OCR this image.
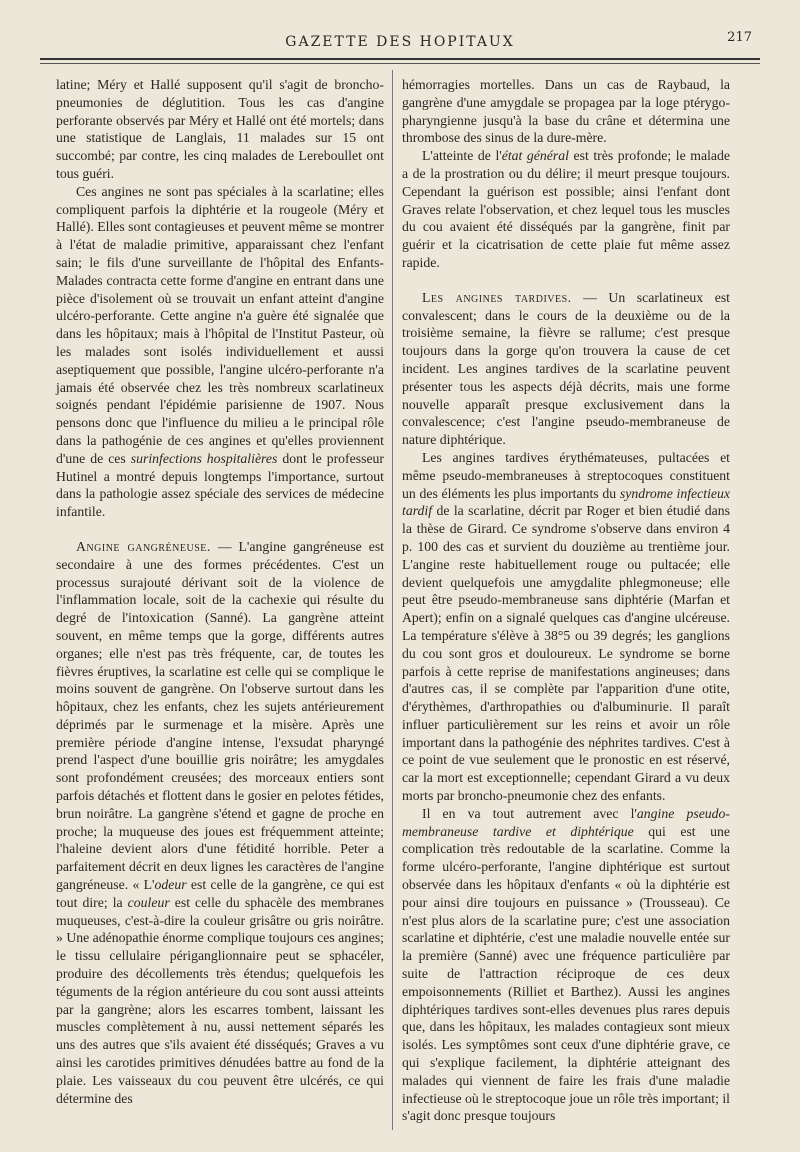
GAZETTE DES HOPITAUX	217

latine; Méry et Hallé supposent qu'il s'agit de broncho-pneumonies de déglutition. Tous les cas d'angine perforante observés par Méry et Hallé ont été mortels; dans une statistique de Langlais, 11 malades sur 15 ont succombé; par contre, les cinq malades de Lereboullet ont tous guéri.

Ces angines ne sont pas spéciales à la scarlatine; elles compliquent parfois la diphtérie et la rougeole (Méry et Hallé). Elles sont contagieuses et peuvent même se montrer à l'état de maladie primitive, apparaissant chez l'enfant sain; le fils d'une surveillante de l'hôpital des Enfants-Malades contracta cette forme d'angine en entrant dans une pièce d'isolement où se trouvait un enfant atteint d'angine ulcéro-perforante. Cette angine n'a guère été signalée que dans les hôpitaux; mais à l'hôpital de l'Institut Pasteur, où les malades sont isolés individuellement et aussi aseptiquement que possible, l'angine ulcéro-perforante n'a jamais été observée chez les très nombreux scarlatineux soignés pendant l'épidémie parisienne de 1907. Nous pensons donc que l'influence du milieu a le principal rôle dans la pathogénie de ces angines et qu'elles proviennent d'une de ces surinfections hospitalières dont le professeur Hutinel a montré depuis longtemps l'importance, surtout dans la pathologie assez spéciale des services de médecine infantile.

Angine gangréneuse. — L'angine gangréneuse est secondaire à une des formes précédentes. C'est un processus surajouté dérivant soit de la violence de l'inflammation locale, soit de la cachexie qui résulte du degré de l'intoxication (Sanné). La gangrène atteint souvent, en même temps que la gorge, différents autres organes; elle n'est pas très fréquente, car, de toutes les fièvres éruptives, la scarlatine est celle qui se complique le moins souvent de gangrène. On l'observe surtout dans les hôpitaux, chez les enfants, chez les sujets antérieurement déprimés par le surmenage et la misère. Après une première période d'angine intense, l'exsudat pharyngé prend l'aspect d'une bouillie gris noirâtre; les amygdales sont profondément creusées; des morceaux entiers sont parfois détachés et flottent dans le gosier en pelotes fétides, brun noirâtre. La gangrène s'étend et gagne de proche en proche; la muqueuse des joues est fréquemment atteinte; l'haleine devient alors d'une fétidité horrible. Peter a parfaitement décrit en deux lignes les caractères de l'angine gangréneuse. « L'odeur est celle de la gangrène, ce qui est tout dire; la couleur est celle du sphacèle des membranes muqueuses, c'est-à-dire la couleur grisâtre ou gris noirâtre. » Une adénopathie énorme complique toujours ces angines; le tissu cellulaire périganglionnaire peut se sphacéler, produire des décollements très étendus; quelquefois les téguments de la région antérieure du cou sont aussi atteints par la gangrène; alors les escarres tombent, laissant les muscles complètement à nu, aussi nettement séparés les uns des autres que s'ils avaient été disséqués; Graves a vu ainsi les carotides primitives dénudées battre au fond de la plaie. Les vaisseaux du cou peuvent être ulcérés, ce qui détermine des

hémorragies mortelles. Dans un cas de Raybaud, la gangrène d'une amygdale se propagea par la loge ptérygo-pharyngienne jusqu'à la base du crâne et détermina une thrombose des sinus de la dure-mère.

L'atteinte de l'état général est très profonde; le malade a de la prostration ou du délire; il meurt presque toujours. Cependant la guérison est possible; ainsi l'enfant dont Graves relate l'observation, et chez lequel tous les muscles du cou avaient été disséqués par la gangrène, finit par guérir et la cicatrisation de cette plaie fut même assez rapide.

Les angines tardives. — Un scarlatineux est convalescent; dans le cours de la deuxième ou de la troisième semaine, la fièvre se rallume; c'est presque toujours dans la gorge qu'on trouvera la cause de cet incident. Les angines tardives de la scarlatine peuvent présenter tous les aspects déjà décrits, mais une forme nouvelle apparaît presque exclusivement dans la convalescence; c'est l'angine pseudo-membraneuse de nature diphtérique.

Les angines tardives érythémateuses, pultacées et même pseudo-membraneuses à streptocoques constituent un des éléments les plus importants du syndrome infectieux tardif de la scarlatine, décrit par Roger et bien étudié dans la thèse de Girard. Ce syndrome s'observe dans environ 4 p. 100 des cas et survient du douzième au trentième jour. L'angine reste habituellement rouge ou pultacée; elle devient quelquefois une amygdalite phlegmoneuse; elle peut être pseudo-membraneuse sans diphtérie (Marfan et Apert); enfin on a signalé quelques cas d'angine ulcéreuse. La température s'élève à 38°5 ou 39 degrés; les ganglions du cou sont gros et douloureux. Le syndrome se borne parfois à cette reprise de manifestations angineuses; dans d'autres cas, il se complète par l'apparition d'une otite, d'érythèmes, d'arthropathies ou d'albuminurie. Il paraît influer particulièrement sur les reins et avoir un rôle important dans la pathogénie des néphrites tardives. C'est à ce point de vue seulement que le pronostic en est réservé, car la mort est exceptionnelle; cependant Girard a vu deux morts par broncho-pneumonie chez des enfants.

Il en va tout autrement avec l'angine pseudo-membraneuse tardive et diphtérique qui est une complication très redoutable de la scarlatine. Comme la forme ulcéro-perforante, l'angine diphtérique est surtout observée dans les hôpitaux d'enfants « où la diphtérie est pour ainsi dire toujours en puissance » (Trousseau). Ce n'est plus alors de la scarlatine pure; c'est une association scarlatine et diphtérie, c'est une maladie nouvelle entée sur la première (Sanné) avec une fréquence particulière par suite de l'attraction réciproque de ces deux empoisonnements (Rilliet et Barthez). Aussi les angines diphtériques tardives sont-elles devenues plus rares depuis que, dans les hôpitaux, les malades contagieux sont mieux isolés. Les symptômes sont ceux d'une diphtérie grave, ce qui s'explique facilement, la diphtérie atteignant des malades qui viennent de faire les frais d'une maladie infectieuse où le streptocoque joue un rôle très important; il s'agit donc presque toujours
